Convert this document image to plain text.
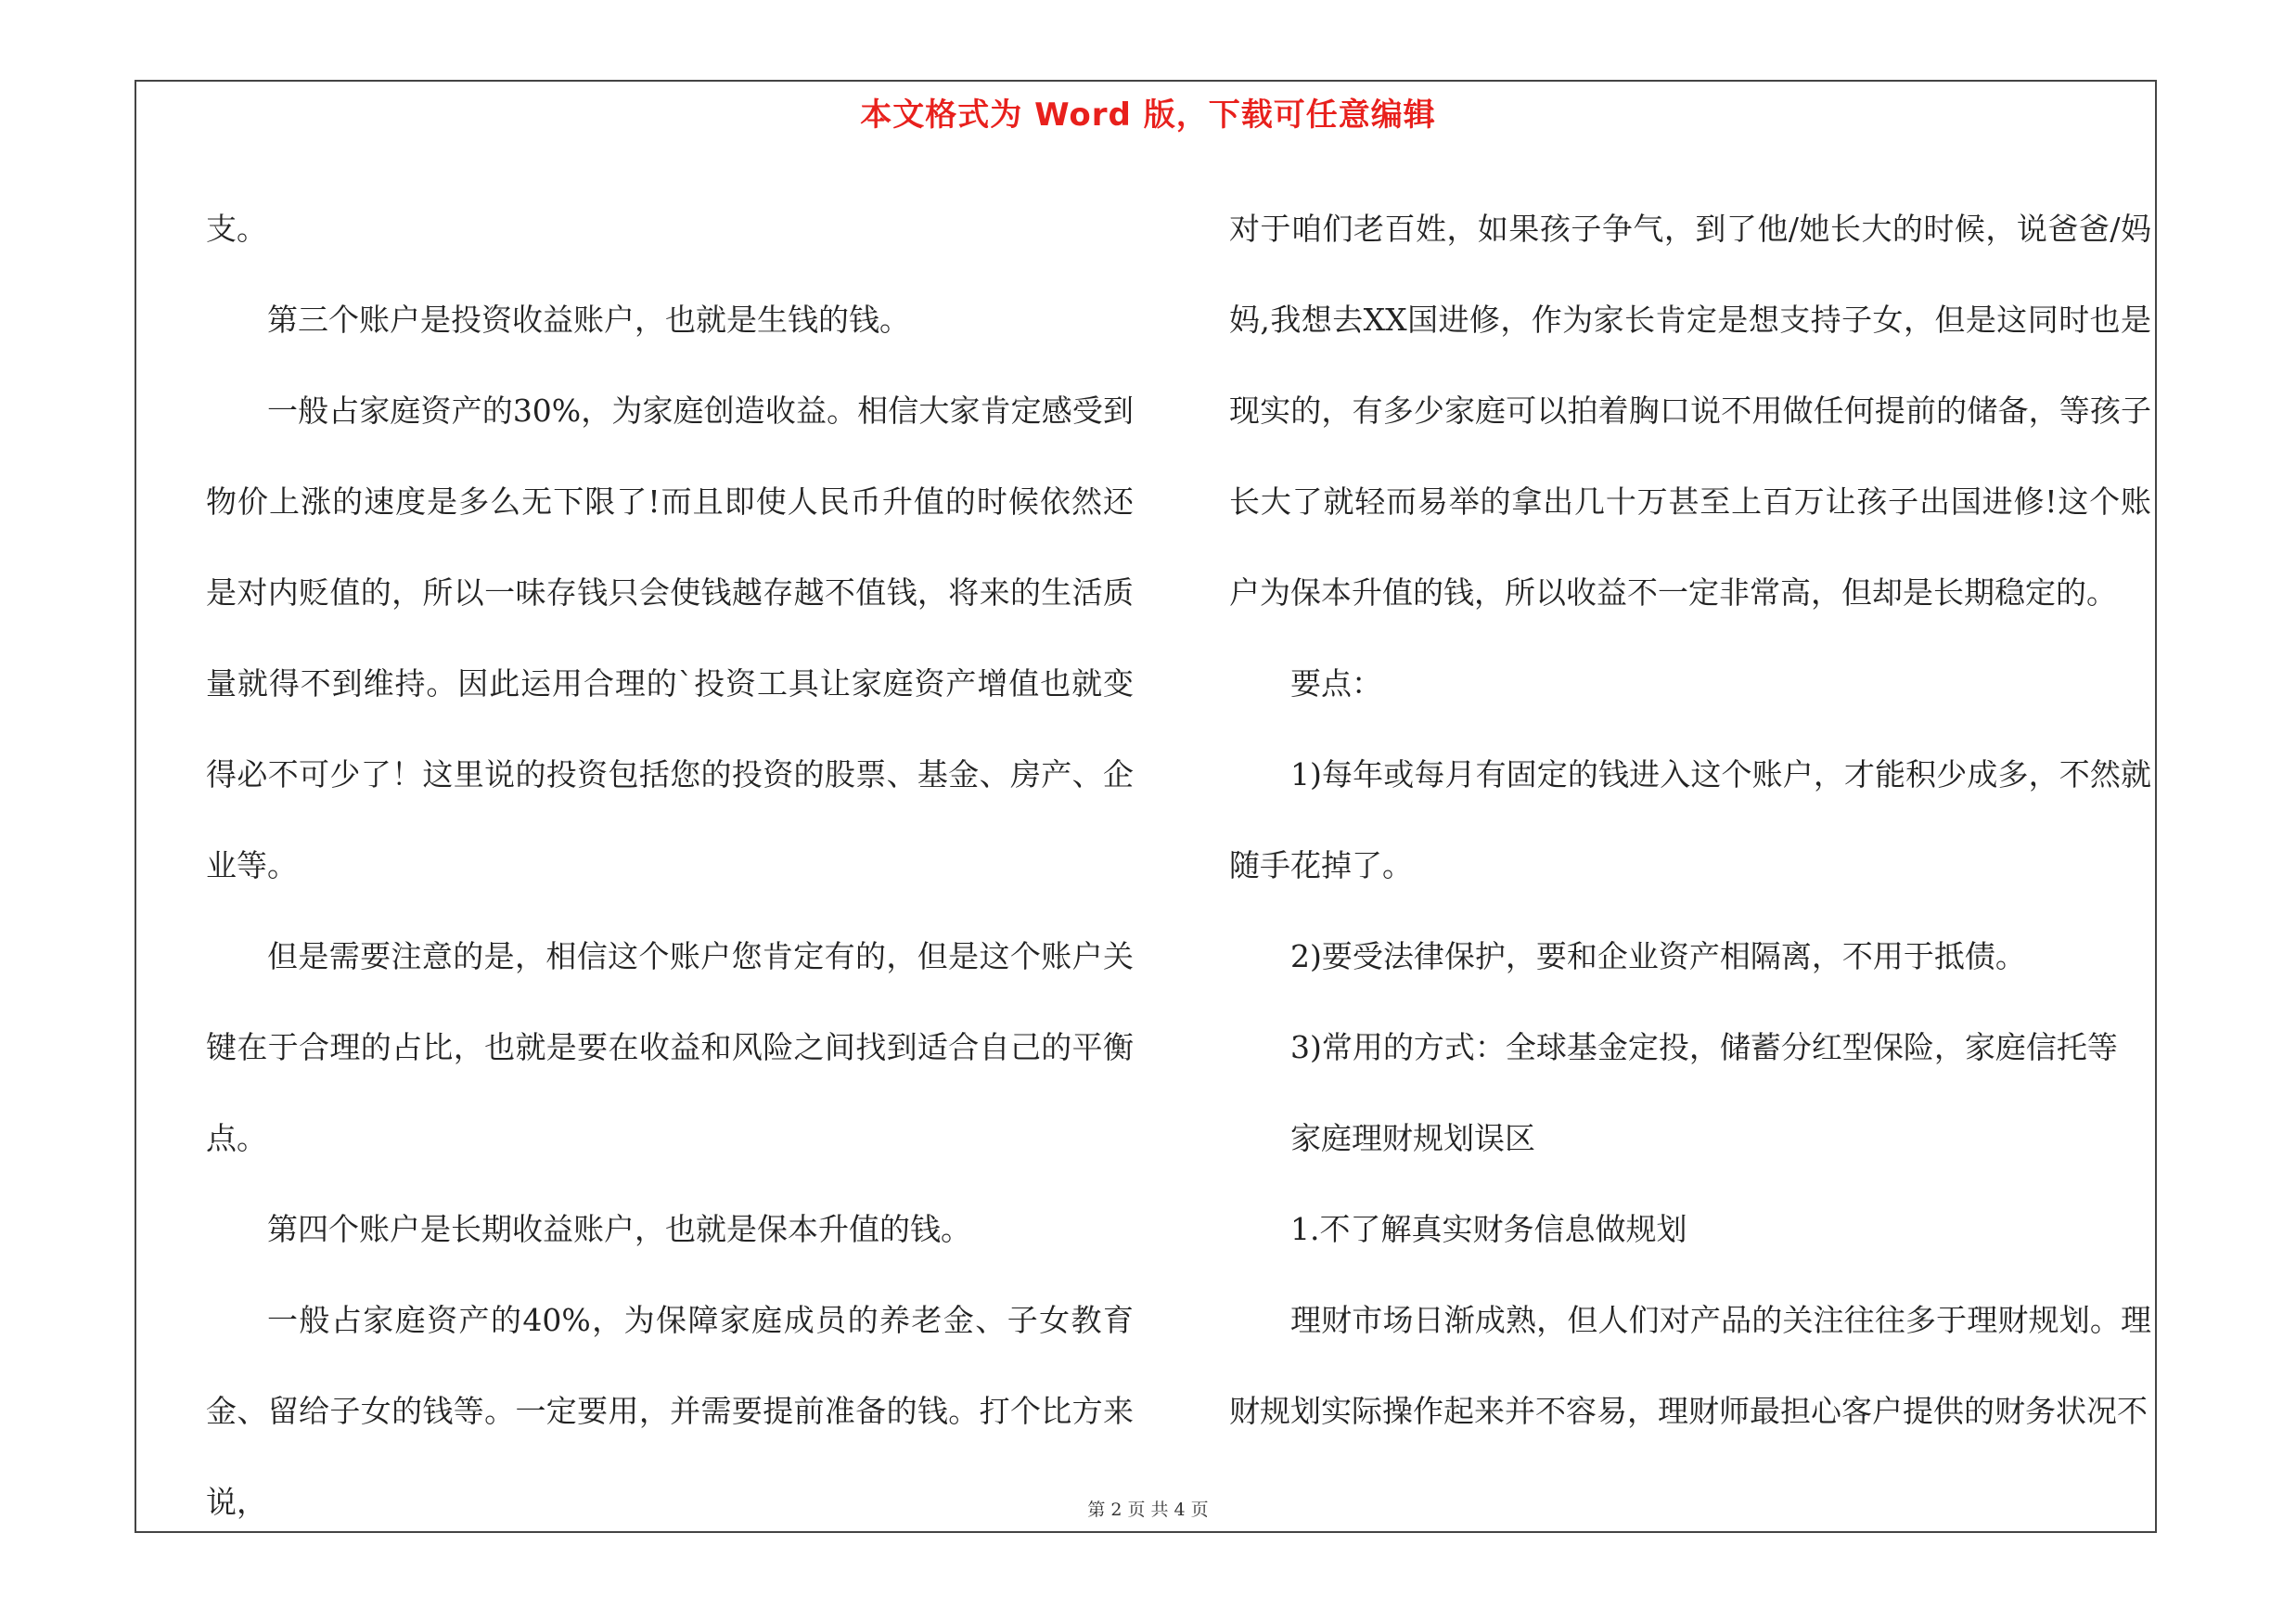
本文格式为 Word 版，下载可任意编辑

支。

第三个账户是投资收益账户，也就是生钱的钱。

一般占家庭资产的30%，为家庭创造收益。相信大家肯定感受到物价上涨的速度是多么无下限了!而且即使人民币升值的时候依然还是对内贬值的，所以一味存钱只会使钱越存越不值钱，将来的生活质量就得不到维持。因此运用合理的`投资工具让家庭资产增值也就变得必不可少了！这里说的投资包括您的投资的股票、基金、房产、企业等。

但是需要注意的是，相信这个账户您肯定有的，但是这个账户关键在于合理的占比，也就是要在收益和风险之间找到适合自己的平衡点。

第四个账户是长期收益账户，也就是保本升值的钱。

一般占家庭资产的40%，为保障家庭成员的养老金、子女教育金、留给子女的钱等。一定要用，并需要提前准备的钱。打个比方来说，

对于咱们老百姓，如果孩子争气，到了他/她长大的时候，说爸爸/妈妈,我想去XX国进修，作为家长肯定是想支持子女，但是这同时也是现实的，有多少家庭可以拍着胸口说不用做任何提前的储备，等孩子长大了就轻而易举的拿出几十万甚至上百万让孩子出国进修!这个账户为保本升值的钱，所以收益不一定非常高，但却是长期稳定的。

要点：

1)每年或每月有固定的钱进入这个账户，才能积少成多，不然就随手花掉了。

2)要受法律保护，要和企业资产相隔离，不用于抵债。

3)常用的方式：全球基金定投，储蓄分红型保险，家庭信托等

家庭理财规划误区

1.不了解真实财务信息做规划

理财市场日渐成熟，但人们对产品的关注往往多于理财规划。理财规划实际操作起来并不容易，理财师最担心客户提供的财务状况不

第 2 页 共 4 页
